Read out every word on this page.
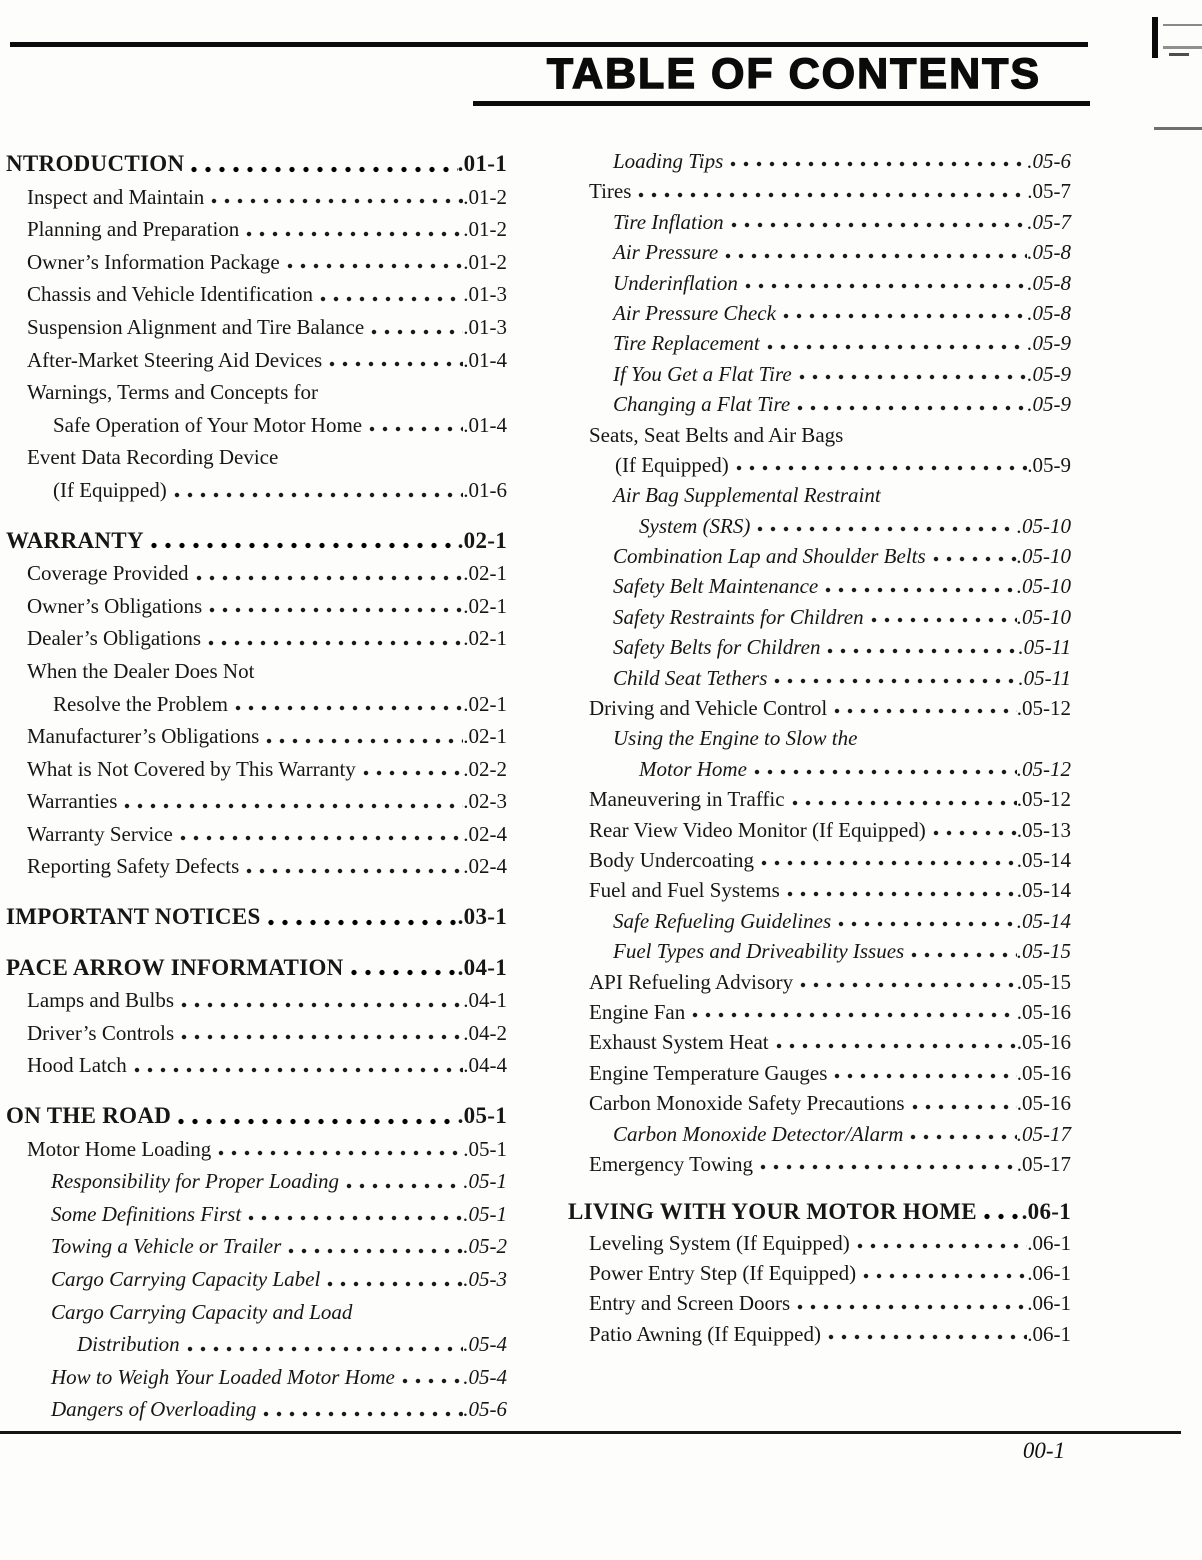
TABLE OF CONTENTS
NTRODUCTION	. 01-1
Inspect and Maintain	. 01-2
Planning and Preparation	. 01-2
Owner’s Information Package	. 01-2
Chassis and Vehicle Identification	. 01-3
Suspension Alignment and Tire Balance	. 01-3
After-Market Steering Aid Devices	. 01-4
Warnings, Terms and Concepts for
Safe Operation of Your Motor Home	. 01-4
Event Data Recording Device
(If Equipped)	. 01-6
WARRANTY	. 02-1
Coverage Provided	. 02-1
Owner’s Obligations	. 02-1
Dealer’s Obligations	. 02-1
When the Dealer Does Not
Resolve the Problem	. 02-1
Manufacturer’s Obligations	. 02-1
What is Not Covered by This Warranty	. 02-2
Warranties	. 02-3
Warranty Service	. 02-4
Reporting Safety Defects	. 02-4
IMPORTANT NOTICES	. 03-1
PACE ARROW INFORMATION	. 04-1
Lamps and Bulbs	. 04-1
Driver’s Controls	. 04-2
Hood Latch	. 04-4
ON THE ROAD	. 05-1
Motor Home Loading	. 05-1
Responsibility for Proper Loading	. 05-1
Some Definitions First	. 05-1
Towing a Vehicle or Trailer	. 05-2
Cargo Carrying Capacity Label	. 05-3
Cargo Carrying Capacity and Load
Distribution	. 05-4
How to Weigh Your Loaded Motor Home	. 05-4
Dangers of Overloading	. 05-6
Loading Tips	. 05-6
Tires	. 05-7
Tire Inflation	. 05-7
Air Pressure	. 05-8
Underinflation	. 05-8
Air Pressure Check	. 05-8
Tire Replacement	. 05-9
If You Get a Flat Tire	. 05-9
Changing a Flat Tire	. 05-9
Seats, Seat Belts and Air Bags
(If Equipped)	. 05-9
Air Bag Supplemental Restraint
System (SRS)	. 05-10
Combination Lap and Shoulder Belts	. 05-10
Safety Belt Maintenance	. 05-10
Safety Restraints for Children	. 05-10
Safety Belts for Children	. 05-11
Child Seat Tethers	. 05-11
Driving and Vehicle Control	. 05-12
Using the Engine to Slow the
Motor Home	. 05-12
Maneuvering in Traffic	. 05-12
Rear View Video Monitor (If Equipped)	. 05-13
Body Undercoating	. 05-14
Fuel and Fuel Systems	. 05-14
Safe Refueling Guidelines	. 05-14
Fuel Types and Driveability Issues	. 05-15
API Refueling Advisory	. 05-15
Engine Fan	. 05-16
Exhaust System Heat	. 05-16
Engine Temperature Gauges	. 05-16
Carbon Monoxide Safety Precautions	. 05-16
Carbon Monoxide Detector/Alarm	. 05-17
Emergency Towing	. 05-17
LIVING WITH YOUR MOTOR HOME . 06-1
Leveling System (If Equipped)	. 06-1
Power Entry Step (If Equipped)	. 06-1
Entry and Screen Doors	. 06-1
Patio Awning (If Equipped)	. 06-1
00-1
